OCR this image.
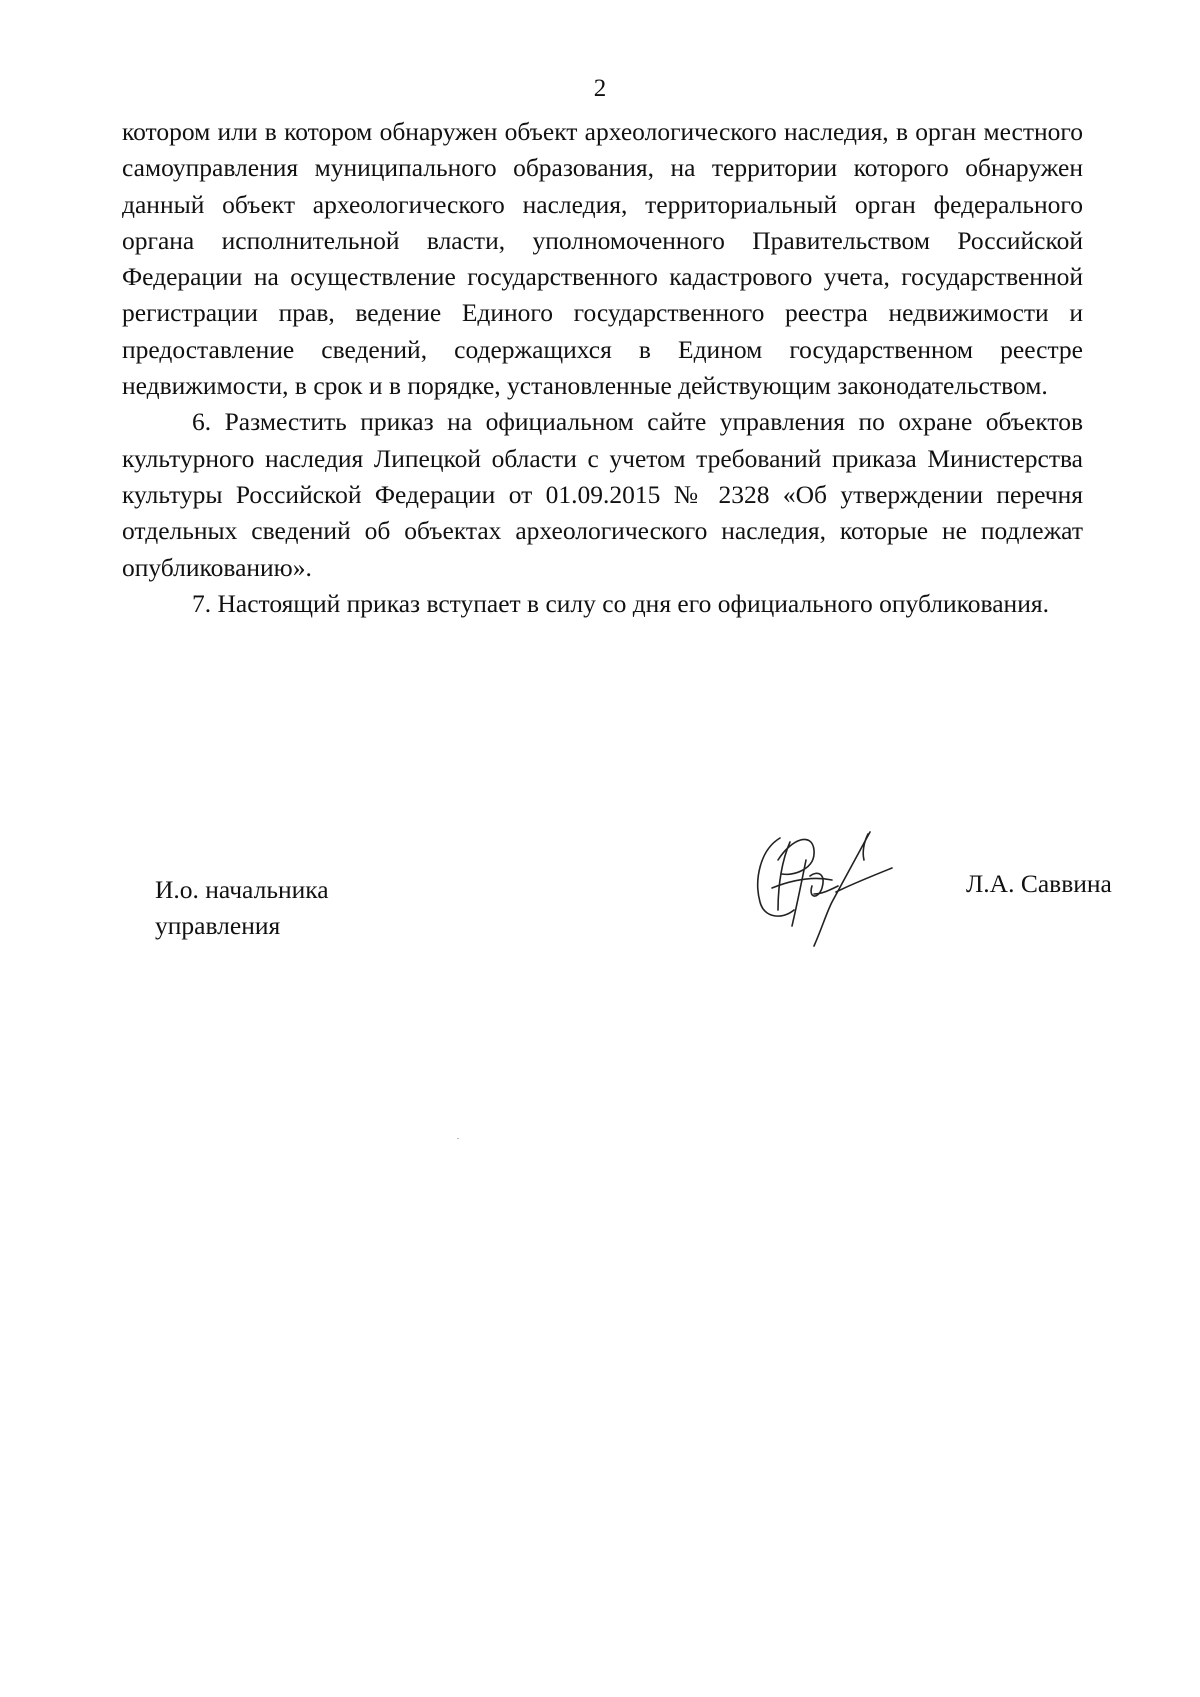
2

котором или в котором обнаружен объект археологического наследия, в орган местного самоуправления муниципального образования, на территории которого обнаружен данный объект археологического наследия, территориальный орган федерального органа исполнительной власти, уполномоченного Правительством Российской Федерации на осуществление государственного кадастрового учета, государственной регистрации прав, ведение Единого государственного реестра недвижимости и предоставление сведений, содержащихся в Едином государственном реестре недвижимости, в срок и в порядке, установленные действующим законодательством.

6. Разместить приказ на официальном сайте управления по охране объектов культурного наследия Липецкой области с учетом требований приказа Министерства культуры Российской Федерации от 01.09.2015 № 2328 «Об утверждении перечня отдельных сведений об объектах археологического наследия, которые не подлежат опубликованию».

7. Настоящий приказ вступает в силу со дня его официального опубликования.

И.о. начальника
управления
Л.А. Саввина
